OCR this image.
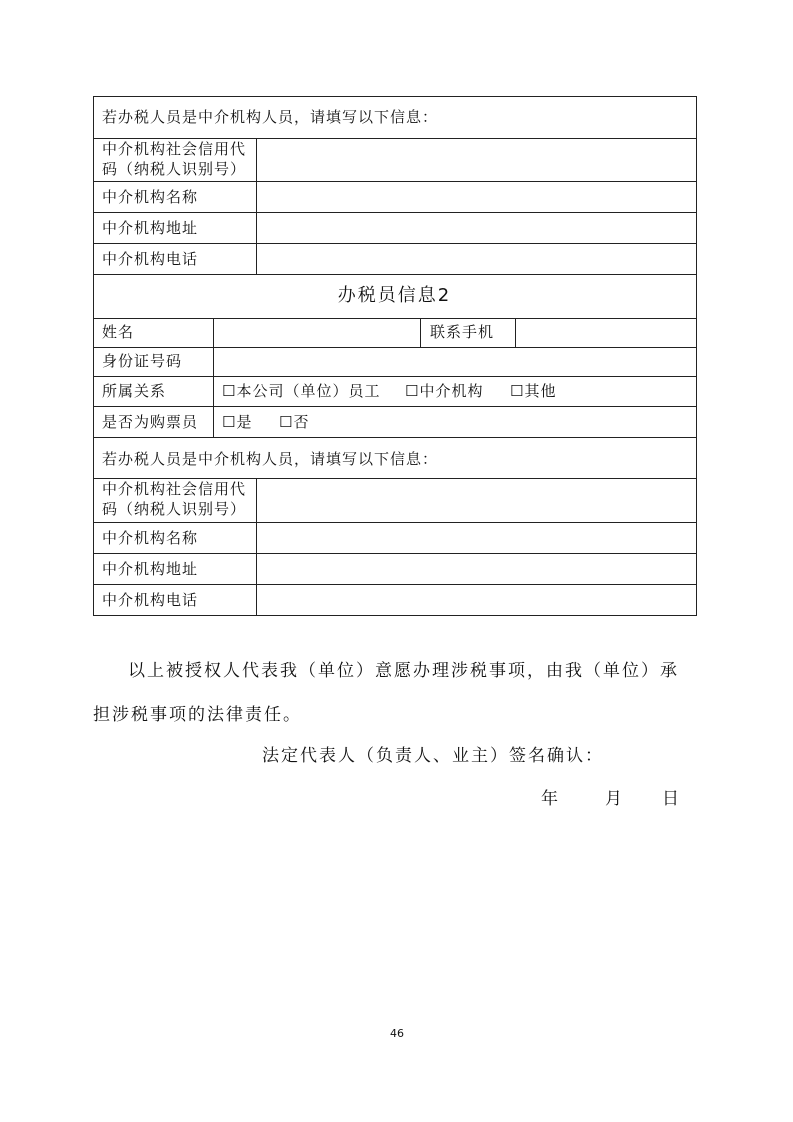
若办税人员是中介机构人员，请填写以下信息：
中介机构社会信用代
码（纳税人识别号）
中介机构名称
中介机构地址
中介机构电话
办税员信息2
姓名	联系手机
身份证号码
所属关系	☐本公司（单位）员工 ☐中介机构 ☐其他
是否为购票员 ☐是 ☐否
若办税人员是中介机构人员，请填写以下信息：
中介机构社会信用代
码（纳税人识别号）
中介机构名称
中介机构地址
中介机构电话
以上被授权人代表我（单位）意愿办理涉税事项，由我（单位）承
担涉税事项的法律责任。
法定代表人（负责人、业主）签名确认：
年	月 日
46
